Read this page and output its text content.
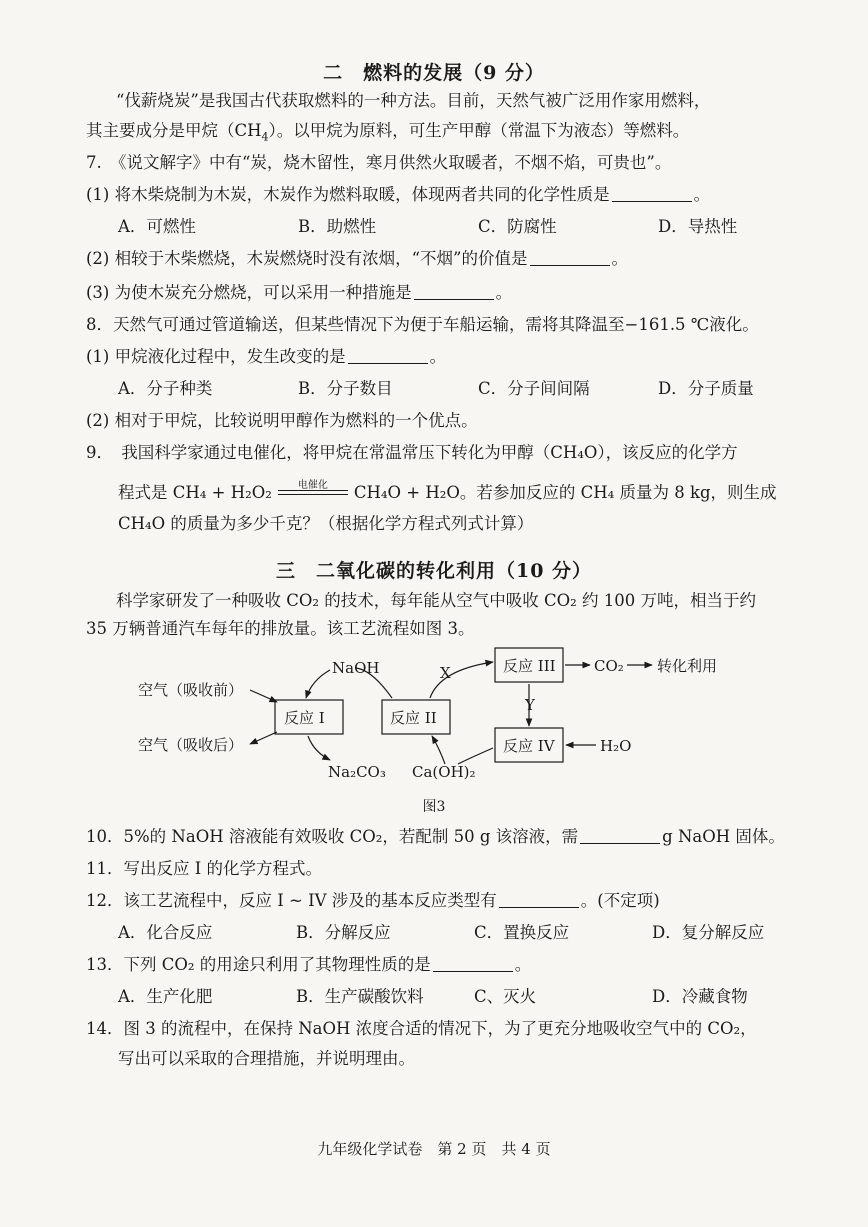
二　燃料的发展（9 分）
“伐薪烧炭”是我国古代获取燃料的一种方法。目前，天然气被广泛用作家用燃料，
其主要成分是甲烷$(CH_4)$。以甲烷为原料，可生产甲醇（常温下为液态）等燃料。
7.　《说文解字》中有“炭，烧木留性，寒月供然火取暖者，不烟不焰，可贵也”。
(1) 将木柴烧制为木炭，木炭作为燃料取暖，体现两者共同的化学性质是	。
A．可燃性	B．助燃性	C．防腐性	D．导热性
(2) 相较于木柴燃烧，木炭燃烧时没有浓烟，“不烟”的价值是	。
(3) 为使木炭充分燃烧，可以采用一种措施是	。
8．天然气可通过管道输送，但某些情况下为便于车船运输，需将其降温至−161.5 ℃液化。
(1) 甲烷液化过程中，发生改变的是	。
A．分子种类	B．分子数目	C．分子间间隔	D．分子质量
(2) 相对于甲烷，比较说明甲醇作为燃料的一个优点。
9．　我国科学家通过电催化，将甲烷在常温常压下转化为甲醇（CH₄O），该反应的化学方
程式是 CH₄ + H₂O₂	电催化	CH₄O + H₂O。若参加反应的 CH₄ 质量为 8 kg，则生成
CH₄O 的质量为多少千克？（根据化学方程式列式计算）
三　二氧化碳的转化利用（10 分）
科学家研发了一种吸收 CO₂ 的技术，每年能从空气中吸收 CO₂ 约 100 万吨，相当于约
35 万辆普通汽车每年的排放量。该工艺流程如图 3。
NaOH	X
Y
反应 III	CO₂ 转化利用
空气（吸收前）
空气（吸收后）
反应 I	反应 II
反应 IV	H₂O
Na₂CO₃ Ca(OH)₂
图3
10．5%的 NaOH 溶液能有效吸收 CO₂，若配制 50 g 该溶液，需	g NaOH 固体。
11．写出反应 I 的化学方程式。
12．该工艺流程中，反应 I ~ IV 涉及的基本反应类型有	。(不定项)
A．化合反应	B．分解反应	C．置换反应	D．复分解反应
13．下列 CO₂ 的用途只利用了其物理性质的是	。
A．生产化肥	B．生产碳酸饮料	C、灭火	D．冷藏食物
14．图 3 的流程中，在保持 NaOH 浓度合适的情况下，为了更充分地吸收空气中的 CO₂，
写出可以采取的合理措施，并说明理由。
九年级化学试卷　第 2 页　共 4 页
